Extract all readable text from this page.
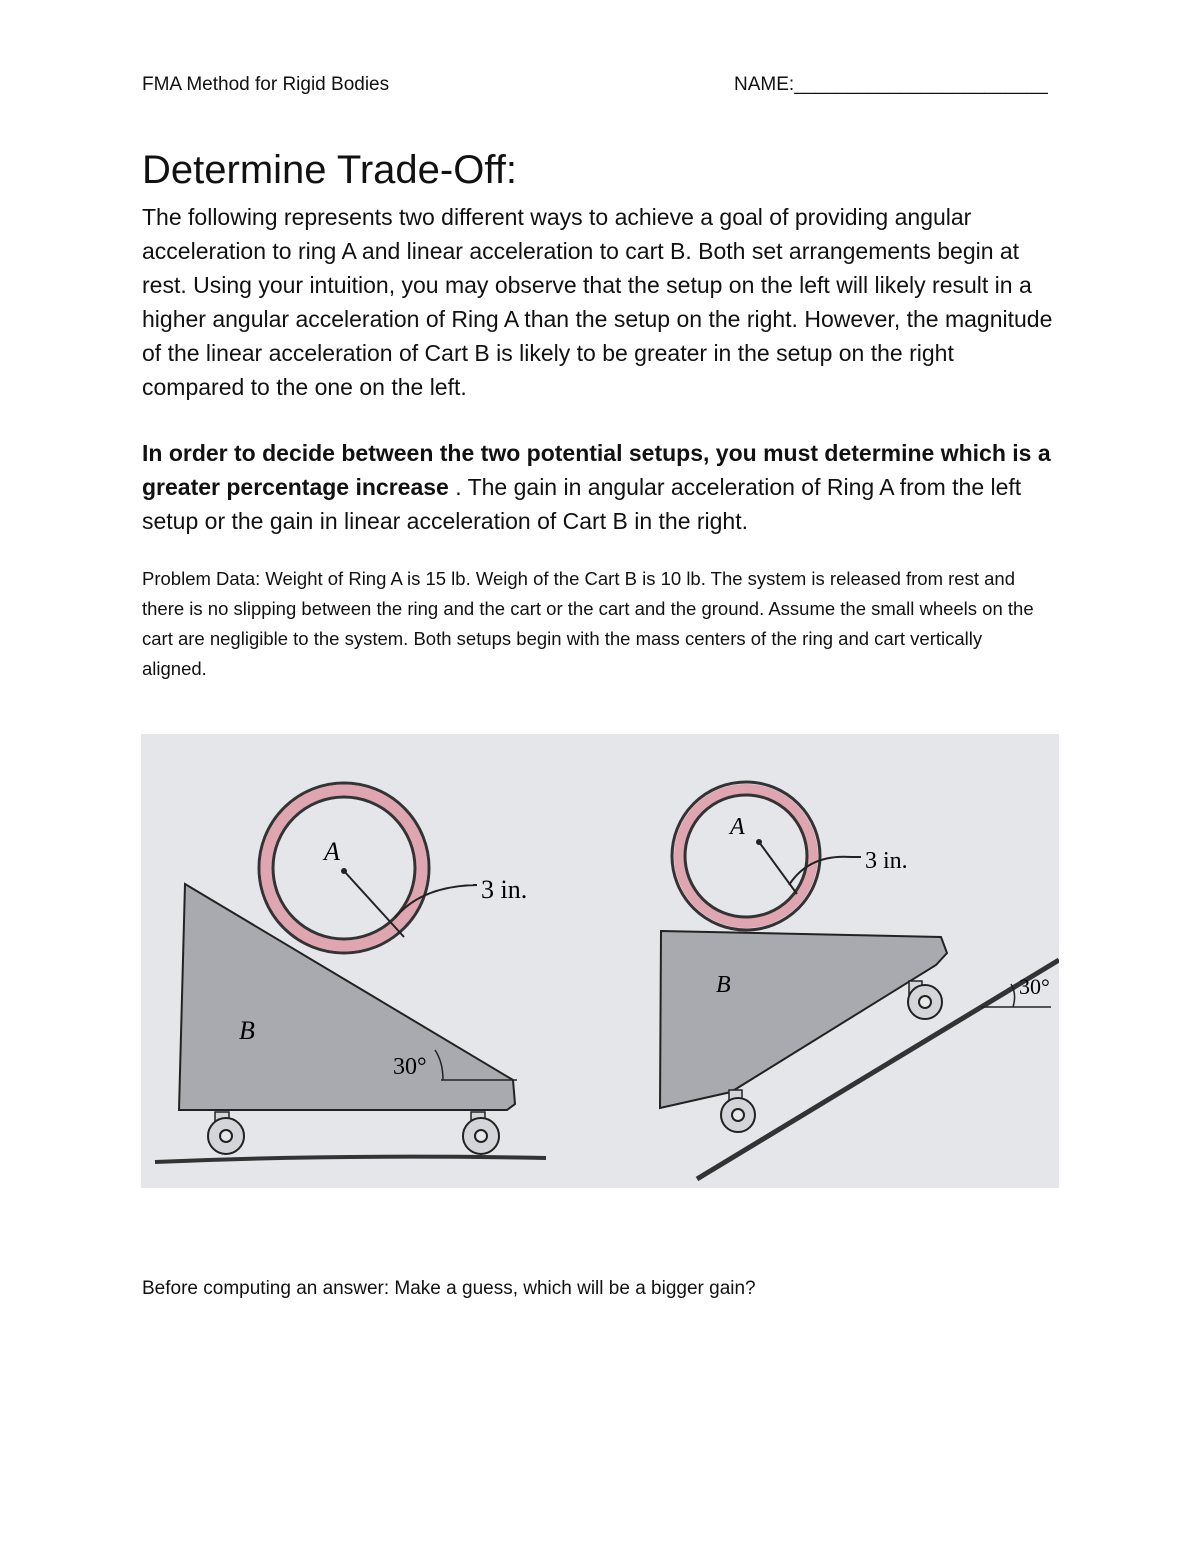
FMA Method for Rigid Bodies	NAME:________________________
Determine Trade-Off:

The following represents two different ways to achieve a goal of providing angular acceleration to ring A and linear acceleration to cart B. Both set arrangements begin at rest. Using your intuition, you may observe that the setup on the left will likely result in a higher angular acceleration of Ring A than the setup on the right. However, the magnitude of the linear acceleration of Cart B is likely to be greater in the setup on the right compared to the one on the left.

In order to decide between the two potential setups, you must determine which is a greater percentage increase . The gain in angular acceleration of Ring A from the left setup or the gain in linear acceleration of Cart B in the right.

Problem Data: Weight of Ring A is 15 lb. Weigh of the Cart B is 10 lb. The system is released from rest and there is no slipping between the ring and the cart or the cart and the ground. Assume the small wheels on the cart are negligible to the system. Both setups begin with the mass centers of the ring and cart vertically aligned.

A
3 in.
B
30°
A
3 in.
B	30°
Before computing an answer: Make a guess, which will be a bigger gain?
